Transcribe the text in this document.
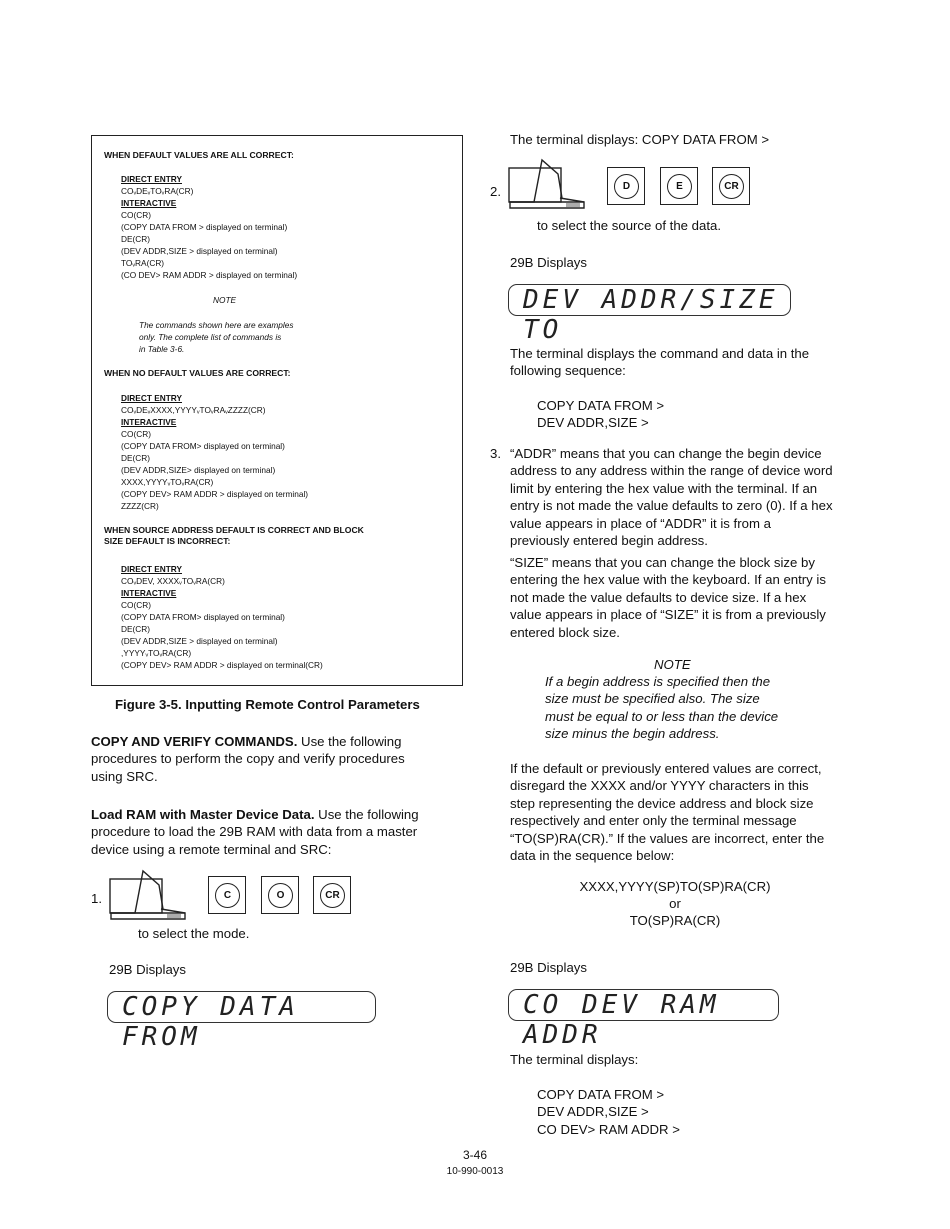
WHEN DEFAULT VALUES ARE ALL CORRECT:
DIRECT ENTRY
COᵥDEᵥTOᵥRA(CR)
INTERACTIVE
CO(CR)
(COPY DATA FROM > displayed on terminal)
DE(CR)
(DEV ADDR,SIZE > displayed on terminal)
TOᵥRA(CR)
(CO DEV> RAM ADDR > displayed on terminal)
NOTE
The commands shown here are examples
only. The complete list of commands is
in Table 3-6.
WHEN NO DEFAULT VALUES ARE CORRECT:
DIRECT ENTRY
COᵥDEᵥXXXX,YYYYᵥTOᵥRAᵥZZZZ(CR)
INTERACTIVE
CO(CR)
(COPY DATA FROM> displayed on terminal)
DE(CR)
(DEV ADDR,SIZE> displayed on terminal)
XXXX,YYYYᵥTOᵥRA(CR)
(COPY DEV> RAM ADDR > displayed on terminal)
ZZZZ(CR)
WHEN SOURCE ADDRESS DEFAULT IS CORRECT AND BLOCK
SIZE DEFAULT IS INCORRECT:
DIRECT ENTRY
COᵥDEV, XXXXᵥTOᵥRA(CR)
INTERACTIVE
CO(CR)
(COPY DATA FROM> displayed on terminal)
DE(CR)
(DEV ADDR,SIZE > displayed on terminal)
,YYYYᵥTOᵥRA(CR)
(COPY DEV> RAM ADDR > displayed on terminal(CR)
Figure 3-5. Inputting Remote Control Parameters
COPY AND VERIFY COMMANDS. Use the following
procedures to perform the copy and verify procedures
using SRC.
Load RAM with Master Device Data. Use the following
procedure to load the 29B RAM with data from a master
device using a remote terminal and SRC:
1.	C	O	CR
to select the mode.
29B Displays
COPY DATA FROM
The terminal displays: COPY DATA FROM >
2.	D	E	CR
to select the source of the data.
29B Displays
DEV ADDR/SIZE TO
The terminal displays the command and data in the
following sequence:
COPY DATA FROM >
DEV ADDR,SIZE >
3. “ADDR” means that you can change the begin device
address to any address within the range of device word
limit by entering the hex value with the terminal. If an
entry is not made the value defaults to zero (0). If a hex
value appears in place of “ADDR” it is from a
previously entered begin address.
“SIZE” means that you can change the block size by
entering the hex value with the keyboard. If an entry is
not made the value defaults to device size. If a hex
value appears in place of “SIZE” it is from a previously
entered block size.
NOTE
If a begin address is specified then the
size must be specified also. The size
must be equal to or less than the device
size minus the begin address.
If the default or previously entered values are correct,
disregard the XXXX and/or YYYY characters in this
step representing the device address and block size
respectively and enter only the terminal message
“TO(SP)RA(CR).” If the values are incorrect, enter the
data in the sequence below:
XXXX,YYYY(SP)TO(SP)RA(CR)
or
TO(SP)RA(CR)
29B Displays
CO DEV RAM ADDR
The terminal displays:
COPY DATA FROM >
DEV ADDR,SIZE >
CO DEV> RAM ADDR >
3-46
10-990-0013
